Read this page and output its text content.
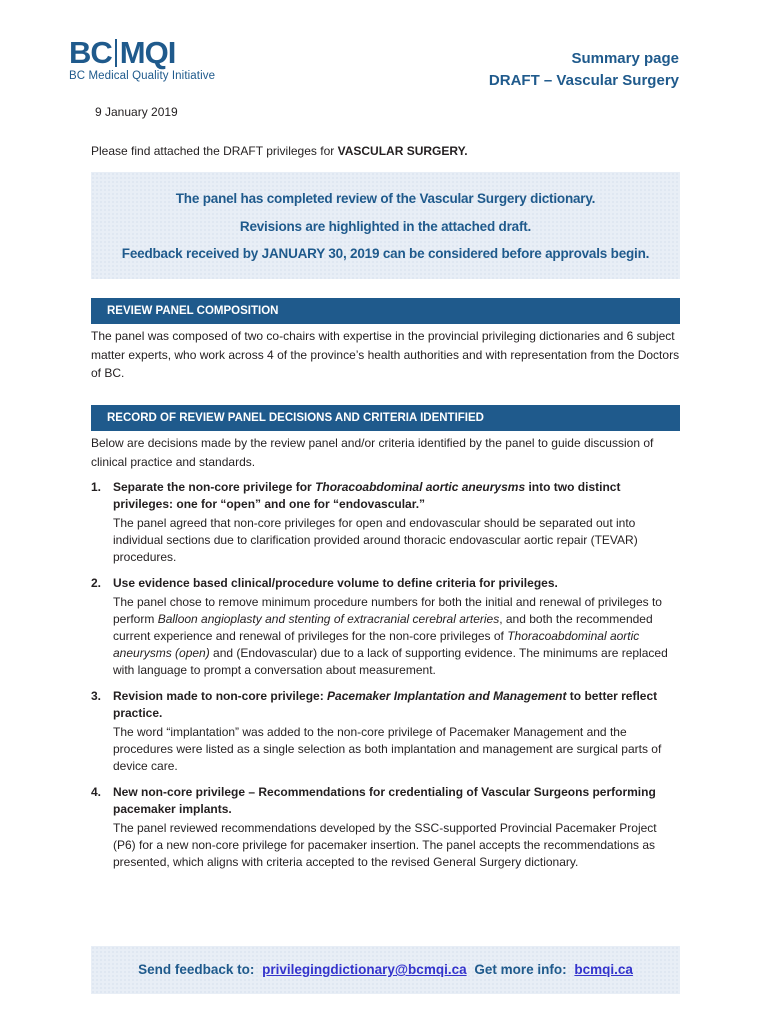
BC MQI
BC Medical Quality Initiative
Summary page
DRAFT – Vascular Surgery
9 January 2019
Please find attached the DRAFT privileges for VASCULAR SURGERY.

The panel has completed review of the Vascular Surgery dictionary.

Revisions are highlighted in the attached draft.

Feedback received by JANUARY 30, 2019 can be considered before approvals begin.

REVIEW PANEL COMPOSITION
The panel was composed of two co-chairs with expertise in the provincial privileging dictionaries and 6 subject matter experts, who work across 4 of the province’s health authorities and with representation from the Doctors of BC.
RECORD OF REVIEW PANEL DECISIONS AND CRITERIA IDENTIFIED
Below are decisions made by the review panel and/or criteria identified by the panel to guide discussion of clinical practice and standards.
1. Separate the non-core privilege for Thoracoabdominal aortic aneurysms into two distinct privileges: one for “open” and one for “endovascular.”
The panel agreed that non-core privileges for open and endovascular should be separated out into individual sections due to clarification provided around thoracic endovascular aortic repair (TEVAR) procedures.
2. Use evidence based clinical/procedure volume to define criteria for privileges.
The panel chose to remove minimum procedure numbers for both the initial and renewal of privileges to perform Balloon angioplasty and stenting of extracranial cerebral arteries, and both the recommended current experience and renewal of privileges for the non-core privileges of Thoracoabdominal aortic aneurysms (open) and (Endovascular) due to a lack of supporting evidence. The minimums are replaced with language to prompt a conversation about measurement.
3. Revision made to non-core privilege: Pacemaker Implantation and Management to better reflect practice.
The word “implantation” was added to the non-core privilege of Pacemaker Management and the procedures were listed as a single selection as both implantation and management are surgical parts of device care.
4. New non-core privilege – Recommendations for credentialing of Vascular Surgeons performing pacemaker implants.
The panel reviewed recommendations developed by the SSC-supported Provincial Pacemaker Project (P6) for a new non-core privilege for pacemaker insertion. The panel accepts the recommendations as presented, which aligns with criteria accepted to the revised General Surgery dictionary.
Send feedback to: privilegingdictionary@bcmqi.ca Get more info: bcmqi.ca
